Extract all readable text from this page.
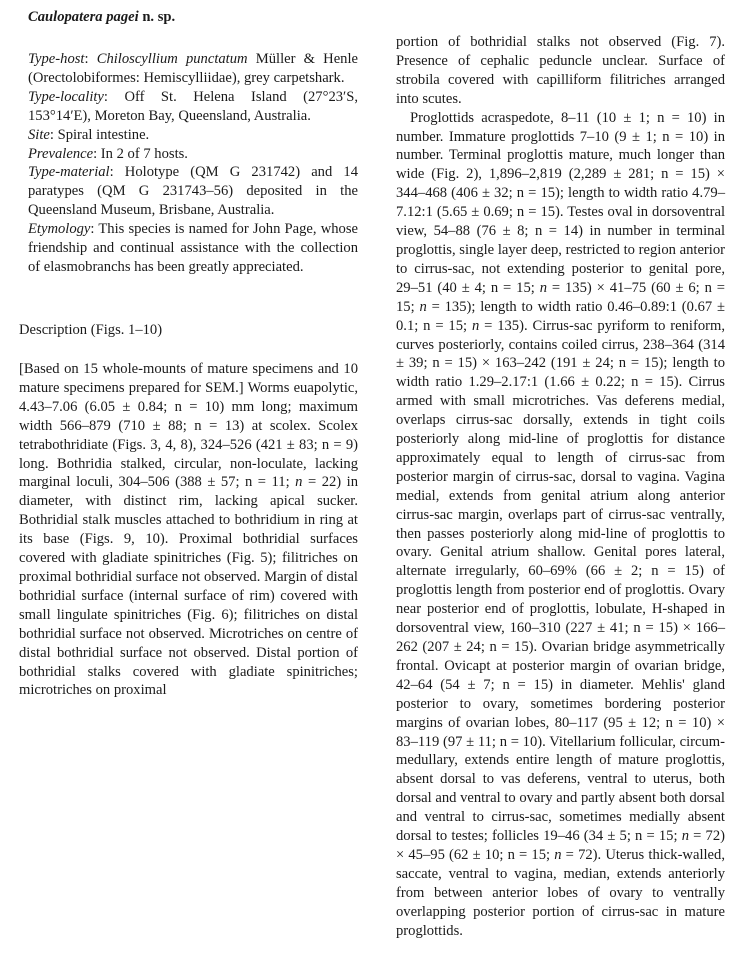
Caulopatera pagei n. sp.

Type-host: Chiloscyllium punctatum Müller & Henle (Orectolobiformes: Hemiscylliidae), grey carpetshark.

Type-locality: Off St. Helena Island (27°23′S, 153°14′E), Moreton Bay, Queensland, Australia.

Site: Spiral intestine.

Prevalence: In 2 of 7 hosts.

Type-material: Holotype (QM G 231742) and 14 paratypes (QM G 231743–56) deposited in the Queensland Museum, Brisbane, Australia.

Etymology: This species is named for John Page, whose friendship and continual assistance with the collection of elasmobranchs has been greatly appreciated.

Description (Figs. 1–10)

[Based on 15 whole-mounts of mature specimens and 10 mature specimens prepared for SEM.] Worms euapolytic, 4.43–7.06 (6.05 ± 0.84; n = 10) mm long; maximum width 566–879 (710 ± 88; n = 13) at scolex. Scolex tetrabothridiate (Figs. 3, 4, 8), 324–526 (421 ± 83; n = 9) long. Bothridia stalked, circular, non-loculate, lacking marginal loculi, 304–506 (388 ± 57; n = 11; n = 22) in diameter, with distinct rim, lacking apical sucker. Bothridial stalk muscles attached to bothridium in ring at its base (Figs. 9, 10). Proximal bothridial surfaces covered with gladiate spinitriches (Fig. 5); filitriches on proximal bothridial surface not observed. Margin of distal bothridial surface (internal surface of rim) covered with small lingulate spinitriches (Fig. 6); filitriches on distal bothridial surface not observed. Microtriches on centre of distal bothridial surface not observed. Distal portion of bothridial stalks covered with gladiate spinitriches; microtriches on proximal

portion of bothridial stalks not observed (Fig. 7). Presence of cephalic peduncle unclear. Surface of strobila covered with capilliform filitriches arranged into scutes.

Proglottids acraspedote, 8–11 (10 ± 1; n = 10) in number. Immature proglottids 7–10 (9 ± 1; n = 10) in number. Terminal proglottis mature, much longer than wide (Fig. 2), 1,896–2,819 (2,289 ± 281; n = 15) × 344–468 (406 ± 32; n = 15); length to width ratio 4.79–7.12:1 (5.65 ± 0.69; n = 15). Testes oval in dorsoventral view, 54–88 (76 ± 8; n = 14) in number in terminal proglottis, single layer deep, restricted to region anterior to cirrus-sac, not extending posterior to genital pore, 29–51 (40 ± 4; n = 15; n = 135) × 41–75 (60 ± 6; n = 15; n = 135); length to width ratio 0.46–0.89:1 (0.67 ± 0.1; n = 15; n = 135). Cirrus-sac pyriform to reniform, curves posteriorly, contains coiled cirrus, 238–364 (314 ± 39; n = 15) × 163–242 (191 ± 24; n = 15); length to width ratio 1.29–2.17:1 (1.66 ± 0.22; n = 15). Cirrus armed with small microtriches. Vas deferens medial, overlaps cirrus-sac dorsally, extends in tight coils posteriorly along mid-line of proglottis for distance approximately equal to length of cirrus-sac from posterior margin of cirrus-sac, dorsal to vagina. Vagina medial, extends from genital atrium along anterior cirrus-sac margin, overlaps part of cirrus-sac ventrally, then passes posteriorly along mid-line of proglottis to ovary. Genital atrium shallow. Genital pores lateral, alternate irregularly, 60–69% (66 ± 2; n = 15) of proglottis length from posterior end of proglottis. Ovary near posterior end of proglottis, lobulate, H-shaped in dorsoventral view, 160–310 (227 ± 41; n = 15) × 166–262 (207 ± 24; n = 15). Ovarian bridge asymmetrically frontal. Ovicapt at posterior margin of ovarian bridge, 42–64 (54 ± 7; n = 15) in diameter. Mehlis' gland posterior to ovary, sometimes bordering posterior margins of ovarian lobes, 80–117 (95 ± 12; n = 10) × 83–119 (97 ± 11; n = 10). Vitellarium follicular, circum-medullary, extends entire length of mature proglottis, absent dorsal to vas deferens, ventral to uterus, both dorsal and ventral to ovary and partly absent both dorsal and ventral to cirrus-sac, sometimes medially absent dorsal to testes; follicles 19–46 (34 ± 5; n = 15; n = 72) × 45–95 (62 ± 10; n = 15; n = 72). Uterus thick-walled, saccate, ventral to vagina, median, extends anteriorly from between anterior lobes of ovary to ventrally overlapping posterior portion of cirrus-sac in mature proglottids.
